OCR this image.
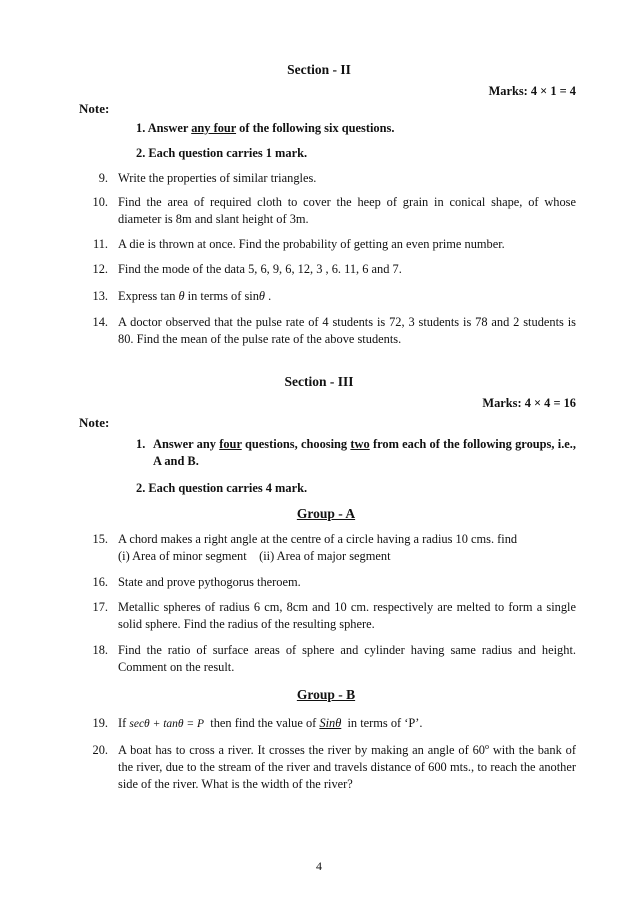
Section - II
Marks: 4 × 1 = 4
Note:
1. Answer any four of the following six questions.
2. Each question carries 1 mark.
9. Write the properties of similar triangles.
10. Find the area of required cloth to cover the heep of grain in conical shape, of whose diameter is 8m and slant height of 3m.
11. A die is thrown at once. Find the probability of getting an even prime number.
12. Find the mode of the data 5, 6, 9, 6, 12, 3 , 6. 11, 6 and 7.
13. Express tan θ in terms of sinθ .
14. A doctor observed that the pulse rate of 4 students is 72, 3 students is 78 and 2 students is 80. Find the mean of the pulse rate of the above students.
Section - III
Marks: 4 × 4 = 16
Note:
1. Answer any four questions, choosing two from each of the following groups, i.e., A and B.
2. Each question carries 4 mark.
Group - A
15. A chord makes a right angle at the centre of a circle having a radius 10 cms. find
(i) Area of minor segment    (ii) Area of major segment
16. State and prove pythogorus theroem.
17. Metallic spheres of radius 6 cm, 8cm and 10 cm. respectively are melted to form a single solid sphere. Find the radius of the resulting sphere.
18. Find the ratio of surface areas of sphere and cylinder having same radius and height. Comment on the result.
Group - B
19. If secθ + tanθ = P  then find the value of Sinθ  in terms of ‘P’.
20. A boat has to cross a river. It crosses the river by making an angle of 60$^o$ with the bank of the river, due to the stream of the river and travels distance of 600 mts., to reach the another side of the river. What is the width of the river?
4
